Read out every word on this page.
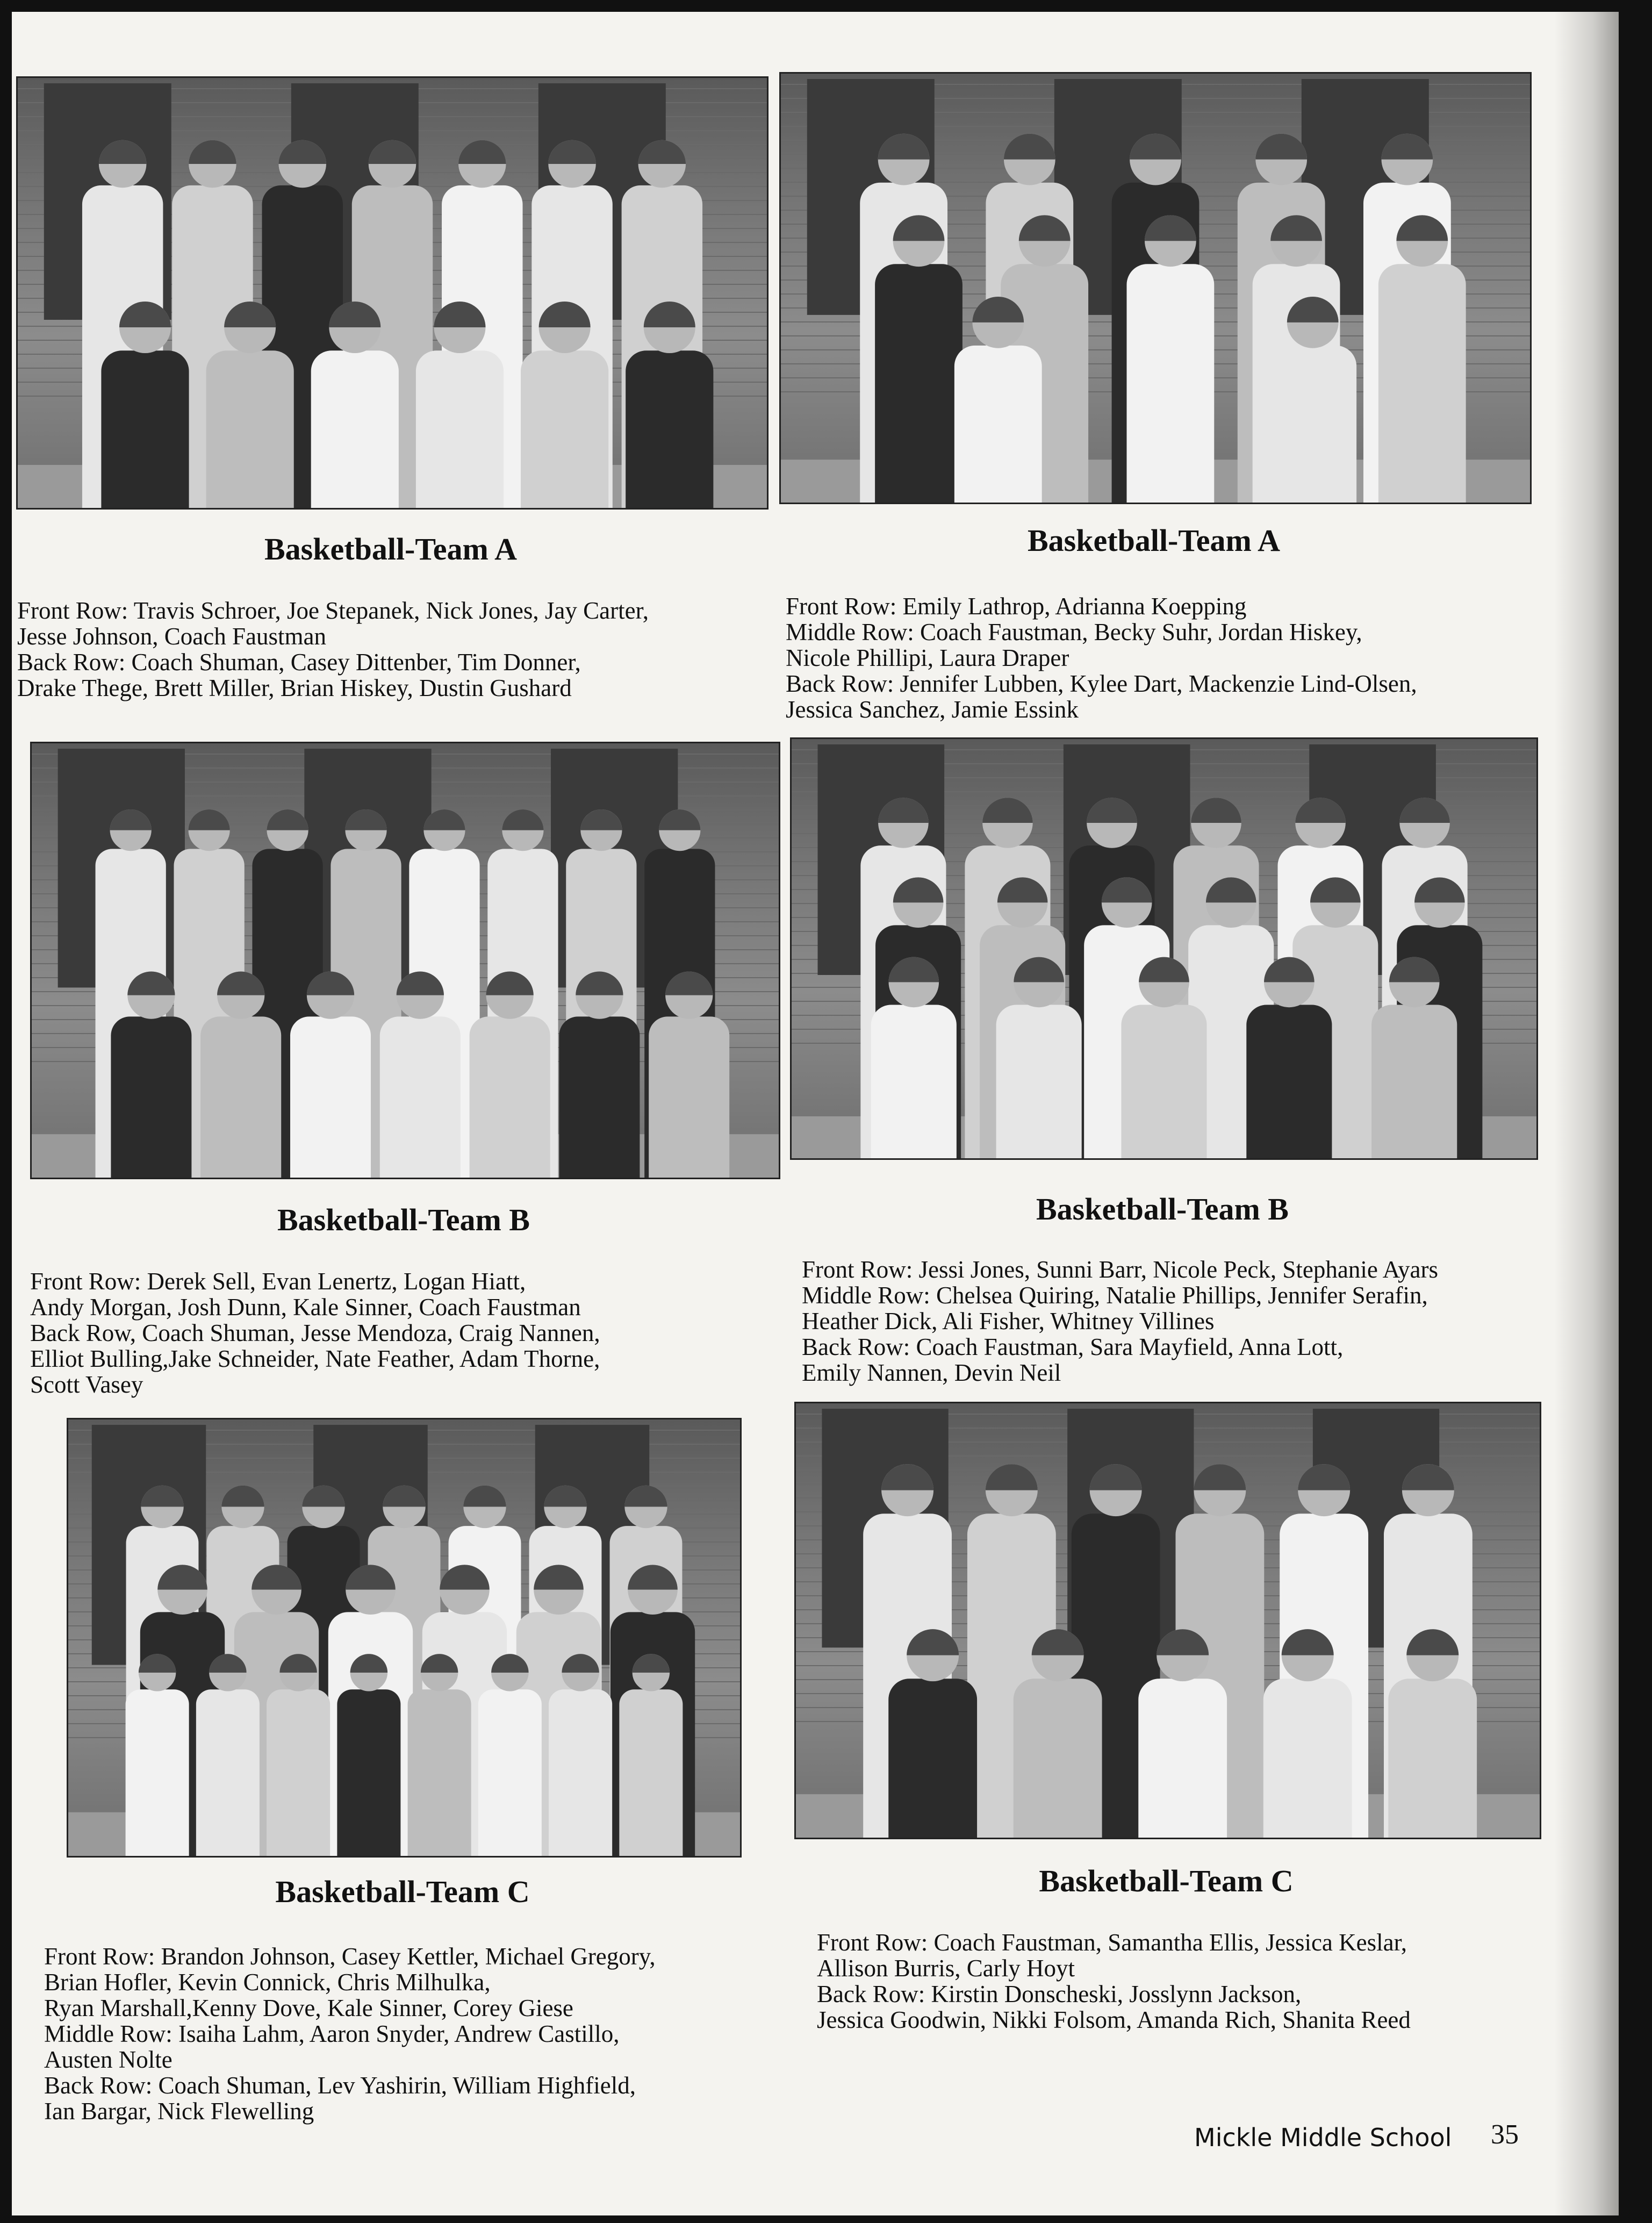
Basketball-Team A
Front Row: Travis Schroer, Joe Stepanek, Nick Jones, Jay Carter,
Jesse Johnson, Coach Faustman
Back Row: Coach Shuman, Casey Dittenber, Tim Donner,
Drake Thege, Brett Miller, Brian Hiskey, Dustin Gushard
Basketball-Team A
Front Row: Emily Lathrop, Adrianna Koepping
Middle Row: Coach Faustman, Becky Suhr, Jordan Hiskey,
Nicole Phillipi, Laura Draper
Back Row: Jennifer Lubben, Kylee Dart, Mackenzie Lind-Olsen,
Jessica Sanchez, Jamie Essink
Basketball-Team B
Front Row: Derek Sell, Evan Lenertz, Logan Hiatt,
Andy Morgan, Josh Dunn, Kale Sinner, Coach Faustman
Back Row, Coach Shuman, Jesse Mendoza, Craig Nannen,
Elliot Bulling,Jake Schneider, Nate Feather, Adam Thorne,
Scott Vasey
Basketball-Team B
Front Row: Jessi Jones, Sunni Barr, Nicole Peck, Stephanie Ayars
Middle Row: Chelsea Quiring, Natalie Phillips, Jennifer Serafin,
Heather Dick, Ali Fisher, Whitney Villines
Back Row: Coach Faustman, Sara Mayfield, Anna Lott,
Emily Nannen, Devin Neil
Basketball-Team C
Front Row: Brandon Johnson, Casey Kettler, Michael Gregory,
Brian Hofler, Kevin Connick, Chris Milhulka,
Ryan Marshall,Kenny Dove, Kale Sinner, Corey Giese
Middle Row: Isaiha Lahm, Aaron Snyder, Andrew Castillo,
Austen Nolte
Back Row: Coach Shuman, Lev Yashirin, William Highfield,
Ian Bargar, Nick Flewelling
Basketball-Team C
Front Row: Coach Faustman, Samantha Ellis, Jessica Keslar,
Allison Burris, Carly Hoyt
Back Row: Kirstin Donscheski, Josslynn Jackson,
Jessica Goodwin, Nikki Folsom, Amanda Rich, Shanita Reed
Mickle Middle School 35
